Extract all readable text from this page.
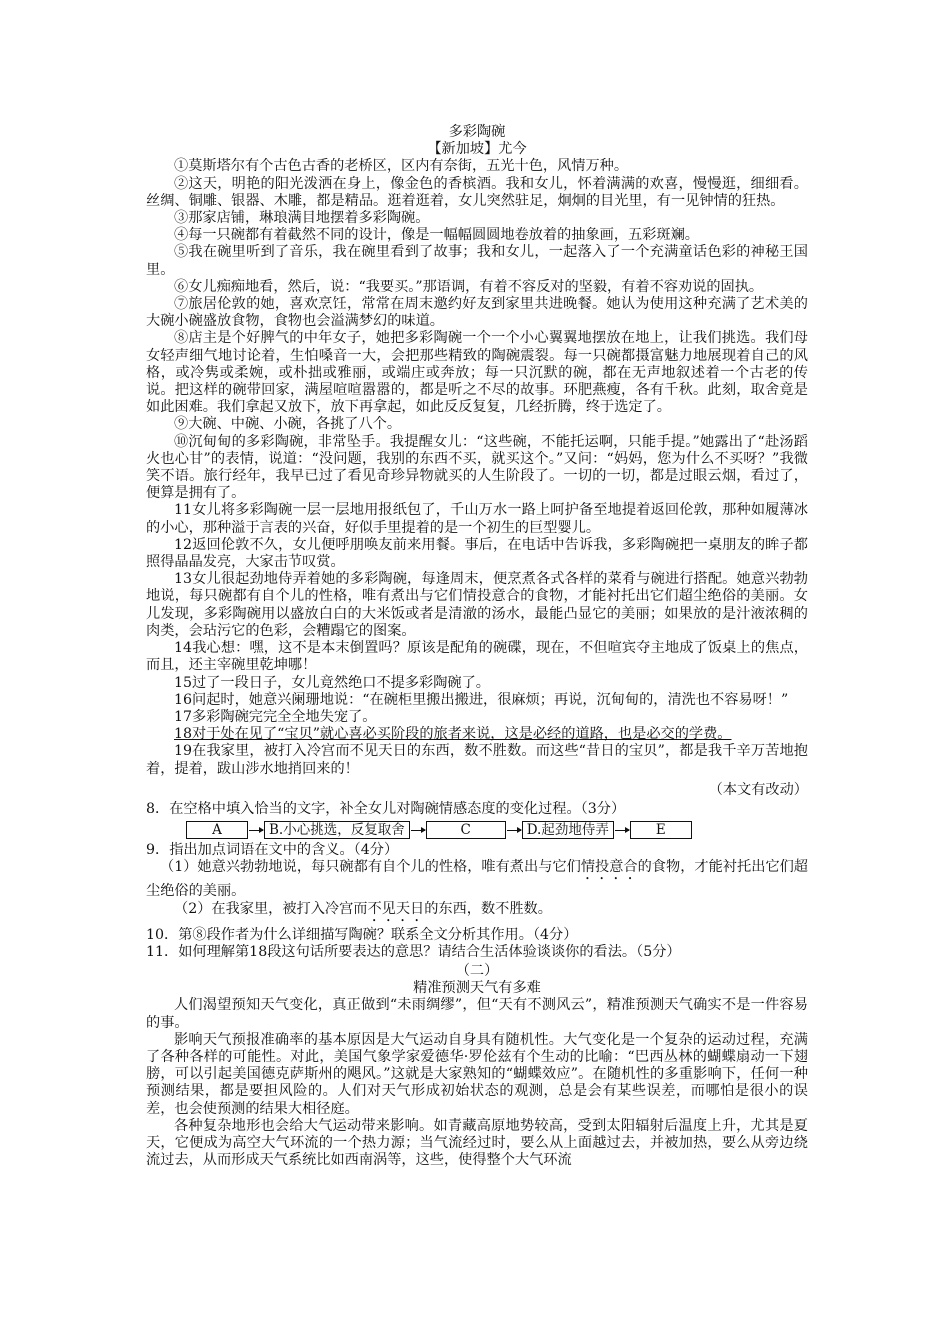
多彩陶碗

【新加坡】尤今

①莫斯塔尔有个古色古香的老桥区，区内有奈街，五光十色，风情万种。

②这天，明艳的阳光泼洒在身上，像金色的香槟酒。我和女儿，怀着满满的欢喜，慢慢逛，细细看。丝绸、铜雕、银器、木雕，都是精品。逛着逛着，女儿突然驻足，炯炯的目光里，有一见钟情的狂热。

③那家店铺，琳琅满目地摆着多彩陶碗。

④每一只碗都有着截然不同的设计，像是一幅幅圆圆地卷放着的抽象画，五彩斑斓。

⑤我在碗里听到了音乐，我在碗里看到了故事；我和女儿，一起落入了一个充满童话色彩的神秘王国里。

⑥女儿痴痴地看，然后，说：“我要买。”那语调，有着不容反对的坚毅，有着不容劝说的固执。

⑦旅居伦敦的她，喜欢烹饪，常常在周末邀约好友到家里共进晚餐。她认为使用这种充满了艺术美的大碗小碗盛放食物，食物也会溢满梦幻的味道。

⑧店主是个好脾气的中年女子，她把多彩陶碗一个一个小心翼翼地摆放在地上，让我们挑选。我们母女轻声细气地讨论着，生怕嗓音一大，会把那些精致的陶碗震裂。每一只碗都摄富魅力地展现着自己的风格，或冷隽或柔婉，或朴拙或雅丽，或端庄或奔放；每一只沉默的碗，都在无声地叙述着一个古老的传说。把这样的碗带回家，满屋喧喧嚣嚣的，都是听之不尽的故事。环肥燕瘦，各有千秋。此刻，取舍竟是如此困难。我们拿起又放下，放下再拿起，如此反反复复，几经折腾，终于选定了。

⑨大碗、中碗、小碗，各挑了八个。

⑩沉甸甸的多彩陶碗，非常坠手。我提醒女儿：“这些碗，不能托运啊，只能手提。”她露出了“赴汤蹈火也心甘”的表情，说道：“没问题，我别的东西不买，就买这个。”又问：“妈妈，您为什么不买呀？”我微笑不语。旅行经年，我早已过了看见奇珍异物就买的人生阶段了。一切的一切，都是过眼云烟，看过了，便算是拥有了。

11女儿将多彩陶碗一层一层地用报纸包了，千山万水一路上呵护备至地提着返回伦敦，那种如履薄冰的小心，那种溢于言表的兴奋，好似手里提着的是一个初生的巨型婴儿。

12返回伦敦不久，女儿便呼朋唤友前来用餐。事后，在电话中告诉我，多彩陶碗把一桌朋友的眸子都照得晶晶发亮，大家击节叹赏。

13女儿很起劲地侍弄着她的多彩陶碗，每逢周末，便烹煮各式各样的菜肴与碗进行搭配。她意兴勃勃地说，每只碗都有自个儿的性格，唯有煮出与它们情投意合的食物，才能衬托出它们超尘绝俗的美丽。女儿发现，多彩陶碗用以盛放白白的大米饭或者是清澈的汤水，最能凸显它的美丽；如果放的是汁液浓稠的肉类，会玷污它的色彩，会糟蹋它的图案。

14我心想：嘿，这不是本末倒置吗？原该是配角的碗碟，现在，不但喧宾夺主地成了饭桌上的焦点，而且，还主宰碗里乾坤哪！

15过了一段日子，女儿竟然绝口不提多彩陶碗了。

16问起时，她意兴阑珊地说：“在碗柜里搬出搬进，很麻烦；再说，沉甸甸的，清洗也不容易呀！”

17多彩陶碗完完全全地失宠了。

18对于处在见了“宝贝”就心喜必买阶段的旅者来说，这是必经的道路，也是必交的学费。

19在我家里，被打入冷宫而不见天日的东西，数不胜数。而这些“昔日的宝贝”，都是我千辛万苦地抱着，提着，跋山涉水地捎回来的！

（本文有改动）

8．在空格中填入恰当的文字，补全女儿对陶碗情感态度的变化过程。（3分）

A	B.小心挑选，反复取舍	C	D.起劲地侍弄	E

9．指出加点词语在文中的含义。（4分）

（1）她意兴勃勃地说，每只碗都有自个儿的性格，唯有煮出与它们情投意合的食物，才能衬托出它们超尘绝俗的美丽。

（2）在我家里，被打入冷宫而不见天日的东西，数不胜数。

10．第⑧段作者为什么详细描写陶碗？联系全文分析其作用。（4分）

11．如何理解第18段这句话所要表达的意思？请结合生活体验谈谈你的看法。（5分）

（二）

精准预测天气有多难

人们渴望预知天气变化，真正做到“未雨绸缪”，但“天有不测风云”，精准预测天气确实不是一件容易的事。

影响天气预报准确率的基本原因是大气运动自身具有随机性。大气变化是一个复杂的运动过程，充满了各种各样的可能性。对此，美国气象学家爱德华·罗伦兹有个生动的比喻：“巴西丛林的蝴蝶扇动一下翅膀，可以引起美国德克萨斯州的飓风。”这就是大家熟知的“蝴蝶效应”。在随机性的多重影响下，任何一种预测结果，都是要担风险的。人们对天气形成初始状态的观测，总是会有某些误差，而哪怕是很小的误差，也会使预测的结果大相径庭。

各种复杂地形也会给大气运动带来影响。如青藏高原地势较高，受到太阳辐射后温度上升，尤其是夏天，它便成为高空大气环流的一个热力源；当气流经过时，要么从上面越过去，并被加热，要么从旁边绕流过去，从而形成天气系统比如西南涡等，这些，使得整个大气环流
